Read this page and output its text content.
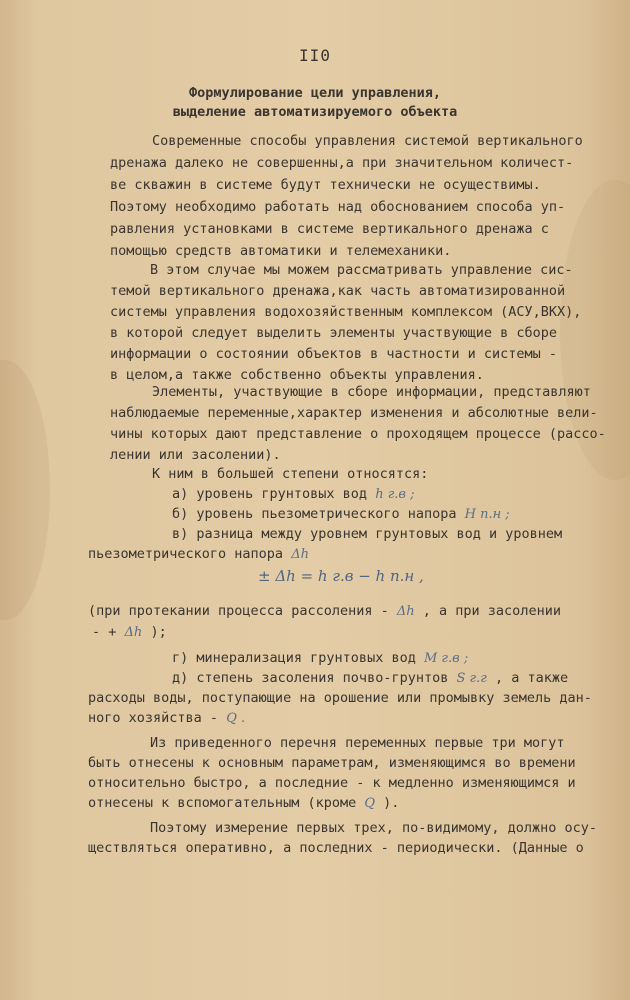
II0
Формулирование цели управления,
выделение автоматизируемого объекта
Современные способы управления системой вертикального
дренажа далеко не совершенны,а при значительном количест-
ве скважин в системе будут технически не осуществимы.
Поэтому необходимо работать над обоснованием способа уп-
равления установками в системе вертикального дренажа с
помощью средств автоматики и телемеханики.
В этом случае мы можем рассматривать управление сис-
темой вертикального дренажа,как часть автоматизированной
системы управления водохозяйственным комплексом (АСУ,ВКХ),
в которой следует выделить элементы участвующие в сборе
информации о состоянии объектов в частности и системы -
в целом,а также собственно объекты управления.
Элементы, участвующие в сборе информации, представляют
наблюдаемые переменные,характер изменения и абсолютные вели-
чины которых дают представление о проходящем процессе (рассо-
лении или засолении).
К ним в большей степени относятся:
а) уровень грунтовых вод h г.в ;
б) уровень пьезометрического напора H п.н ;
в) разница между уровнем грунтовых вод и уровнем
пьезометрического напора Δh
± Δh = h г.в − h п.н ,
(при протекании процесса рассоления - Δh , а при засолении
- + Δh );
г) минерализация грунтовых вод M г.в ;
д) степень засоления почво-грунтов S г.г , а также
расходы воды, поступающие на орошение или промывку земель дан-
ного хозяйства - Q .
Из приведенного перечня переменных первые три могут
быть отнесены к основным параметрам, изменяющимся во времени
относительно быстро, а последние - к медленно изменяющимся и
отнесены к вспомогательным (кроме Q ).
Поэтому измерение первых трех, по-видимому, должно осу-
ществляться оперативно, а последних - периодически. (Данные о
